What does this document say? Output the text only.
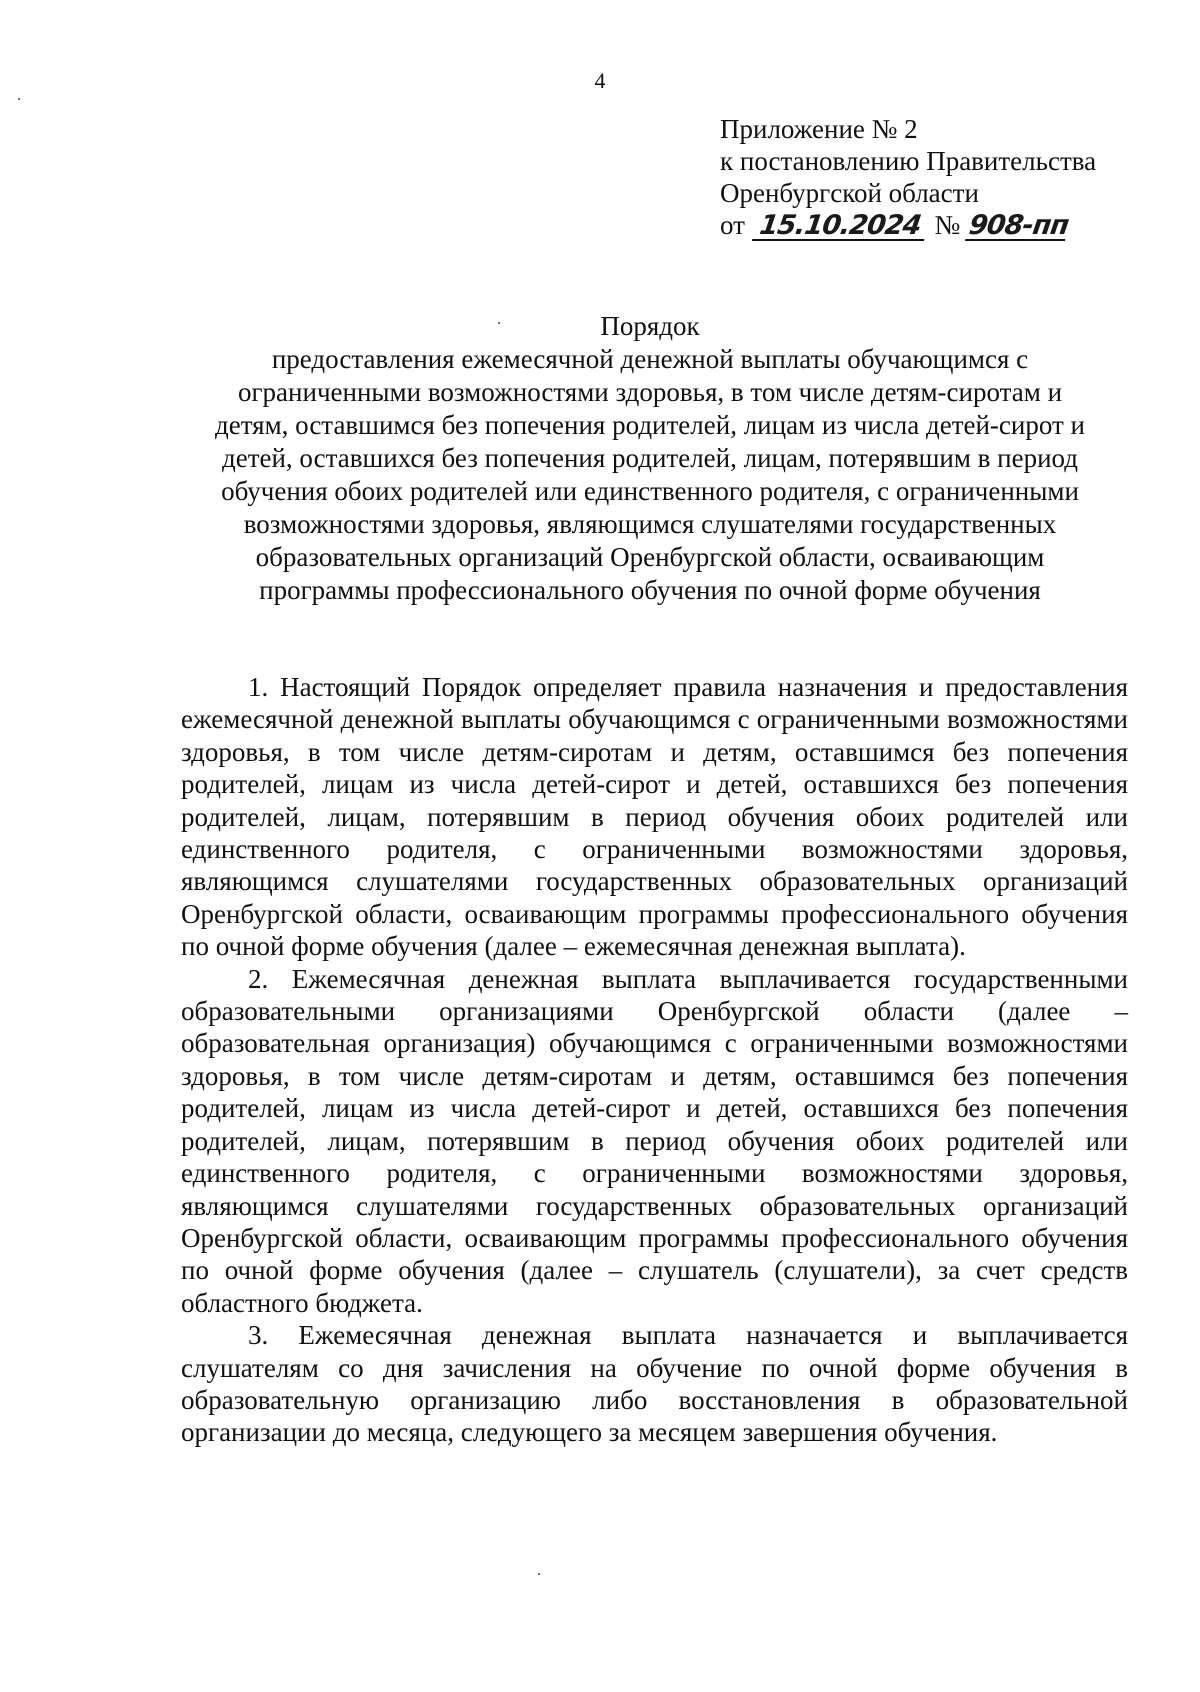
4
Приложение № 2
к постановлению Правительства
Оренбургской области
от 15.10.2024 № 908-пп
Порядок
предоставления ежемесячной денежной выплаты обучающимся с
ограниченными возможностями здоровья, в том числе детям-сиротам и
детям, оставшимся без попечения родителей, лицам из числа детей-сирот и
детей, оставшихся без попечения родителей, лицам, потерявшим в период
обучения обоих родителей или единственного родителя, с ограниченными
возможностями здоровья, являющимся слушателями государственных
образовательных организаций Оренбургской области, осваивающим
программы профессионального обучения по очной форме обучения

1. Настоящий Порядок определяет правила назначения и предоставления ежемесячной денежной выплаты обучающимся с ограниченными возможностями здоровья, в том числе детям-сиротам и детям, оставшимся без попечения родителей, лицам из числа детей-сирот и детей, оставшихся без попечения родителей, лицам, потерявшим в период обучения обоих родителей или единственного родителя, с ограниченными возможностями здоровья, являющимся слушателями государственных образовательных организаций Оренбургской области, осваивающим программы профессионального обучения по очной форме обучения (далее – ежемесячная денежная выплата).

2. Ежемесячная денежная выплата выплачивается государственными образовательными организациями Оренбургской области (далее – образовательная организация) обучающимся с ограниченными возможностями здоровья, в том числе детям-сиротам и детям, оставшимся без попечения родителей, лицам из числа детей-сирот и детей, оставшихся без попечения родителей, лицам, потерявшим в период обучения обоих родителей или единственного родителя, с ограниченными возможностями здоровья, являющимся слушателями государственных образовательных организаций Оренбургской области, осваивающим программы профессионального обучения по очной форме обучения (далее – слушатель (слушатели), за счет средств областного бюджета.

3. Ежемесячная денежная выплата назначается и выплачивается слушателям со дня зачисления на обучение по очной форме обучения в образовательную организацию либо восстановления в образовательной организации до месяца, следующего за месяцем завершения обучения.
